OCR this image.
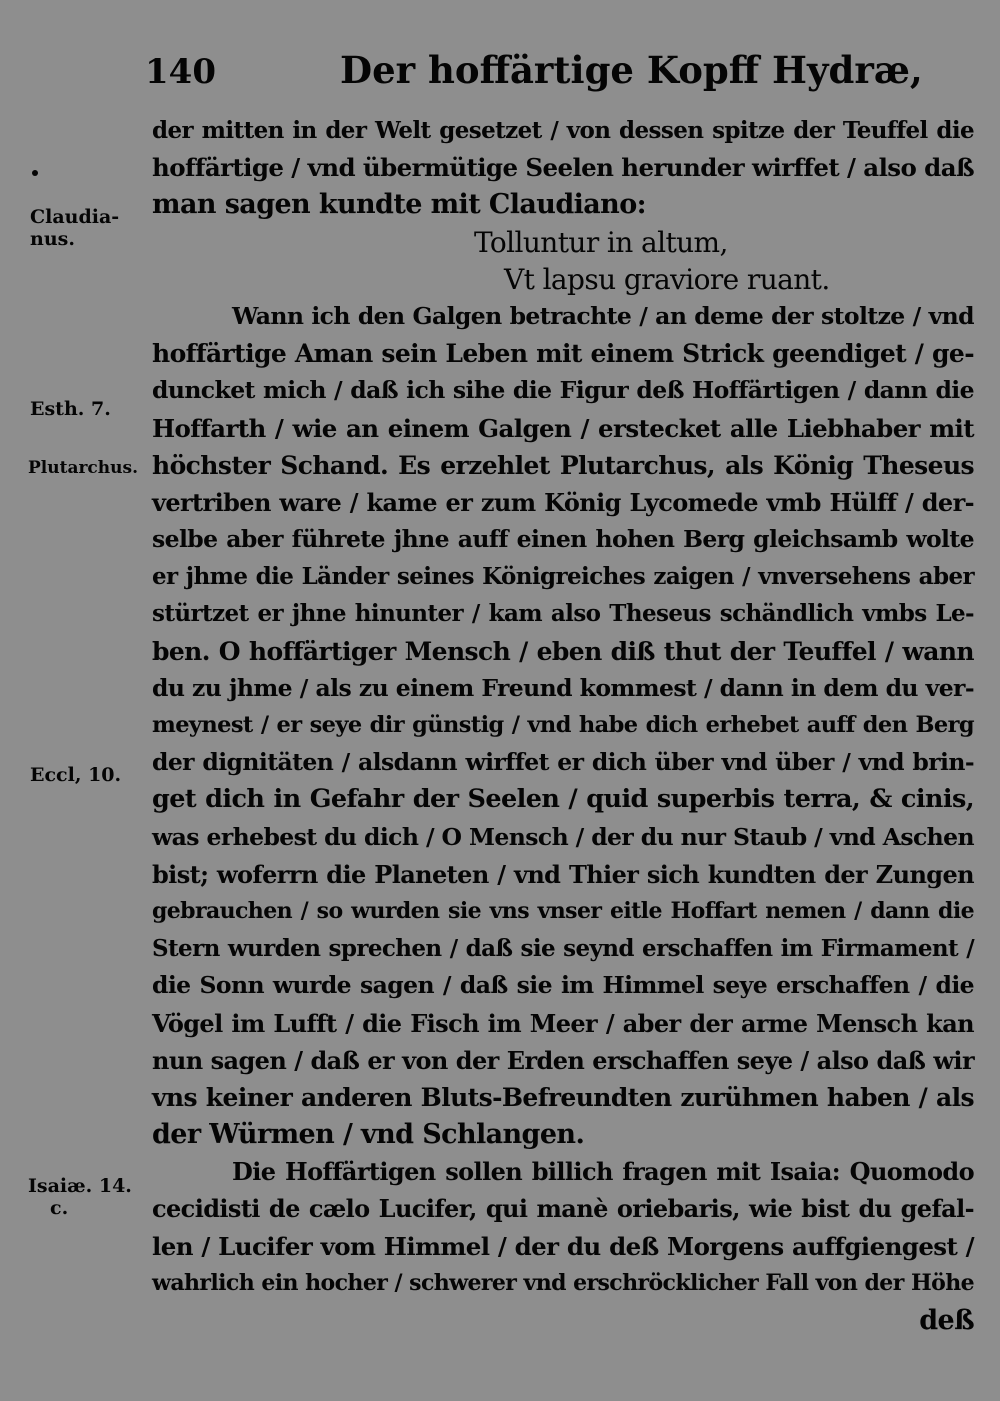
140	Der hoffärtige Kopff Hydræ,
Claudia-
nus.
Esth. 7.
Plutarchus.
Eccl, 10.
Isaiæ. 14.
c.
der mitten in der Welt gesetzet / von dessen spitze der Teuffel die
hoffärtige / vnd übermütige Seelen herunder wirffet / also daß
man sagen kundte mit Claudiano:
Tolluntur in altum,
Vt lapsu graviore ruant.
Wann ich den Galgen betrachte / an deme der stoltze / vnd
hoffärtige Aman sein Leben mit einem Strick geendiget / ge-
duncket mich / daß ich sihe die Figur deß Hoffärtigen / dann die
Hoffarth / wie an einem Galgen / erstecket alle Liebhaber mit
höchster Schand. Es erzehlet Plutarchus, als König Theseus
vertriben ware / kame er zum König Lycomede vmb Hülff / der-
selbe aber führete jhne auff einen hohen Berg gleichsamb wolte
er jhme die Länder seines Königreiches zaigen / vnversehens aber
stürtzet er jhne hinunter / kam also Theseus schändlich vmbs Le-
ben. O hoffärtiger Mensch / eben diß thut der Teuffel / wann
du zu jhme / als zu einem Freund kommest / dann in dem du ver-
meynest / er seye dir günstig / vnd habe dich erhebet auff den Berg
der dignitäten / alsdann wirffet er dich über vnd über / vnd brin-
get dich in Gefahr der Seelen / quid superbis terra, & cinis,
was erhebest du dich / O Mensch / der du nur Staub / vnd Aschen
bist; woferrn die Planeten / vnd Thier sich kundten der Zungen
gebrauchen / so wurden sie vns vnser eitle Hoffart nemen / dann die
Stern wurden sprechen / daß sie seynd erschaffen im Firmament /
die Sonn wurde sagen / daß sie im Himmel seye erschaffen / die
Vögel im Lufft / die Fisch im Meer / aber der arme Mensch kan
nun sagen / daß er von der Erden erschaffen seye / also daß wir
vns keiner anderen Bluts-Befreundten zurühmen haben / als
der Würmen / vnd Schlangen.
Die Hoffärtigen sollen billich fragen mit Isaia: Quomodo
cecidisti de cælo Lucifer, qui manè oriebaris, wie bist du gefal-
len / Lucifer vom Himmel / der du deß Morgens auffgiengest /
wahrlich ein hocher / schwerer vnd erschröcklicher Fall von der Höhe
deß
